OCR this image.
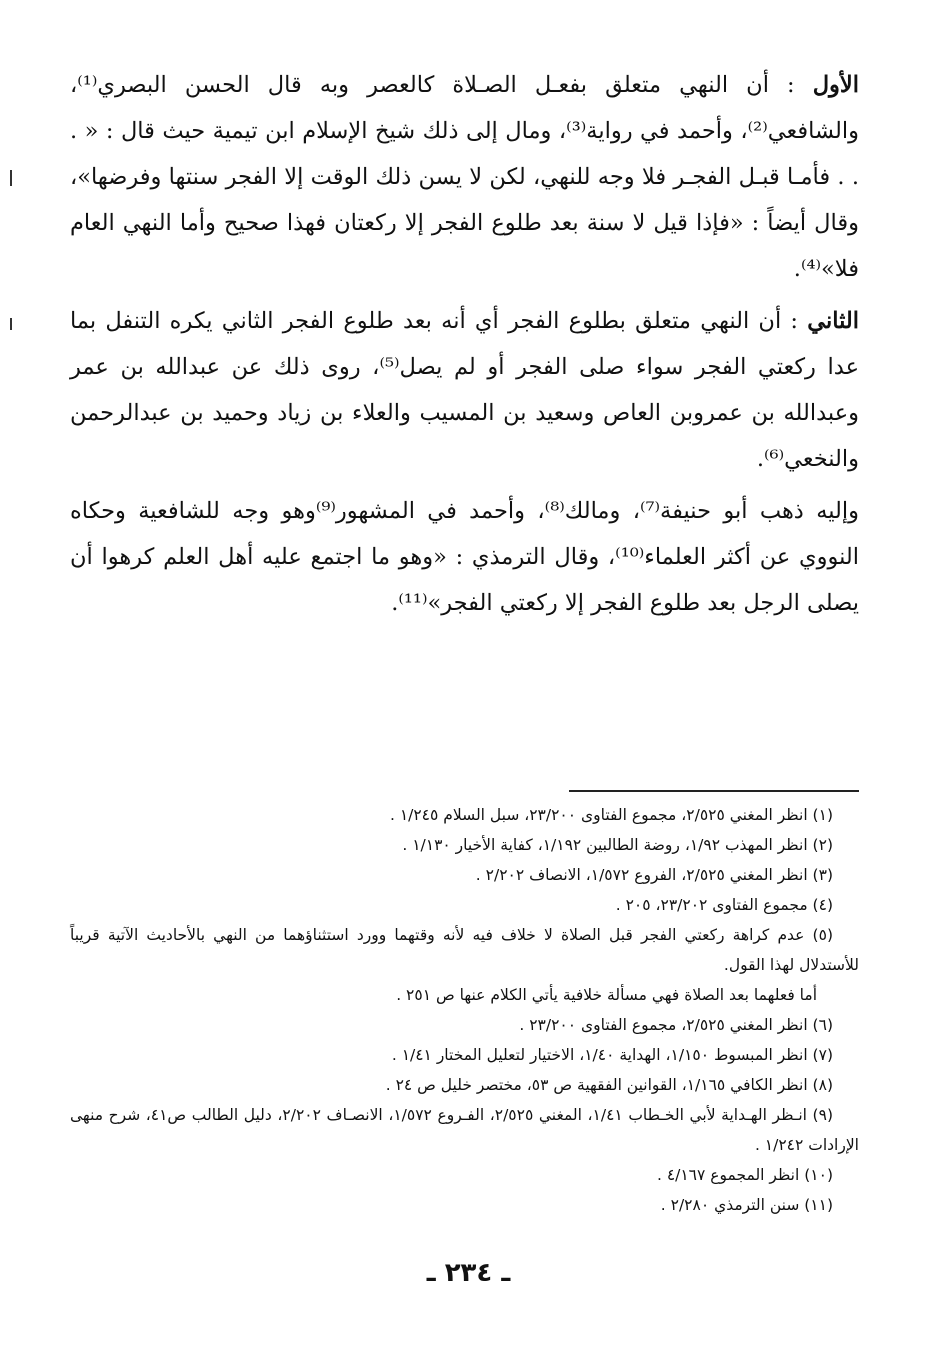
الأول : أن النهي متعلق بفعـل الصـلاة كالعصر وبه قال الحسن البصري⁽¹⁾، والشافعي⁽²⁾، وأحمد في رواية⁽³⁾، ومال إلى ذلك شيخ الإسلام ابن تيمية حيث قال : « . . . فأمـا قبـل الفجـر فلا وجه للنهي، لكن لا يسن ذلك الوقت إلا الفجر سنتها وفرضها»، وقال أيضاً : «فإذا قيل لا سنة بعد طلوع الفجر إلا ركعتان فهذا صحيح وأما النهي العام فلا»⁽⁴⁾.

الثاني : أن النهي متعلق بطلوع الفجر أي أنه بعد طلوع الفجر الثاني يكره التنفل بما عدا ركعتي الفجر سواء صلى الفجر أو لم يصل⁽⁵⁾، روى ذلك عن عبدالله بن عمر وعبدالله بن عمروبن العاص وسعيد بن المسيب والعلاء بن زياد وحميد بن عبدالرحمن والنخعي⁽⁶⁾.

وإليه ذهب أبو حنيفة⁽⁷⁾، ومالك⁽⁸⁾، وأحمد في المشهور⁽⁹⁾وهو وجه للشافعية وحكاه النووي عن أكثر العلماء⁽¹⁰⁾، وقال الترمذي : «وهو ما اجتمع عليه أهل العلم كرهوا أن يصلى الرجل بعد طلوع الفجر إلا ركعتي الفجر»⁽¹¹⁾.

(١) انظر المغني ٢/٥٢٥، مجموع الفتاوى ٢٣/٢٠٠، سبل السلام ١/٢٤٥ .

(٢) انظر المهذب ١/٩٢، روضة الطالبين ١/١٩٢، كفاية الأخيار ١/١٣٠ .

(٣) انظر المغني ٢/٥٢٥، الفروع ١/٥٧٢، الانصاف ٢/٢٠٢ .

(٤) مجموع الفتاوى ٢٣/٢٠٢، ٢٠٥ .

(٥) عدم كراهة ركعتي الفجر قبل الصلاة لا خلاف فيه لأنه وقتهما وورد استثناؤهما من النهي بالأحاديث الآتية قريباً للأستدلال لهذا القول.

أما فعلهما بعد الصلاة فهي مسألة خلافية يأتي الكلام عنها ص ٢٥١ .

(٦) انظر المغني ٢/٥٢٥، مجموع الفتاوى ٢٣/٢٠٠ .

(٧) انظر المبسوط ١/١٥٠، الهداية ١/٤٠، الاختيار لتعليل المختار ١/٤١ .

(٨) انظر الكافي ١/١٦٥، القوانين الفقهية ص ٥٣، مختصر خليل ص ٢٤ .

(٩) انـظر الهـداية لأبي الخـطاب ١/٤١، المغني ٢/٥٢٥، الفـروع ١/٥٧٢، الانصـاف ٢/٢٠٢، دليل الطالب ص٤١، شرح منهى الإرادات ١/٢٤٢ .

(١٠) انظر المجموع ٤/١٦٧ .

(١١) سنن الترمذي ٢/٢٨٠ .

ـ ٢٣٤ ـ
